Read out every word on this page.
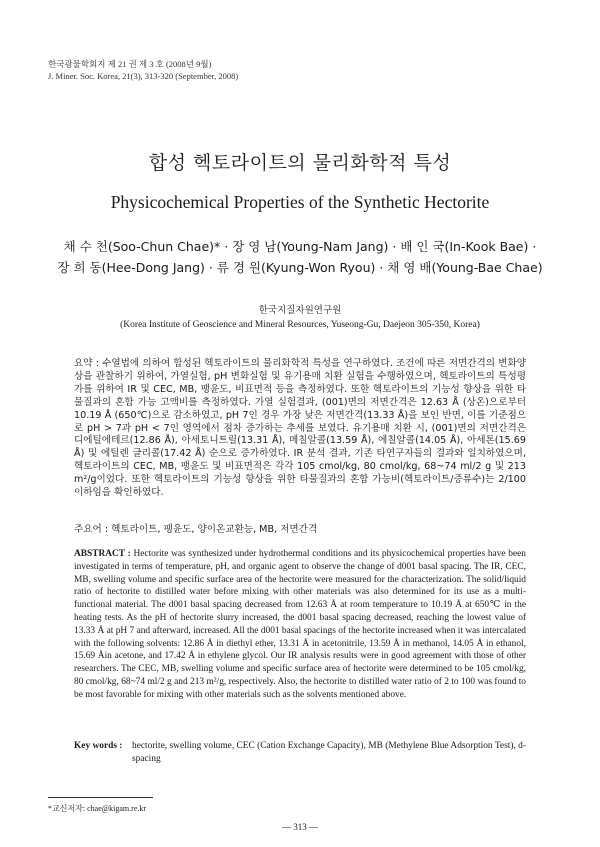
한국광물학회지 제 21 권 제 3 호 (2008년 9월)
J. Miner. Soc. Korea, 21(3), 313-320 (September, 2008)
합성 헥토라이트의 물리화학적 특성
Physicochemical Properties of the Synthetic Hectorite
채 수 천(Soo-Chun Chae)* · 장 영 남(Young-Nam Jang) · 배 인 국(In-Kook Bae) ·
장 희 동(Hee-Dong Jang) · 류 경 원(Kyung-Won Ryou) · 채 영 배(Young-Bae Chae)
한국지질자원연구원
(Korea Institute of Geoscience and Mineral Resources, Yuseong-Gu, Daejeon 305-350, Korea)
요약 : 수열법에 의하여 합성된 헥토라이트의 물리화학적 특성을 연구하였다. 조건에 따른 저면간격의 변화양상을 관찰하기 위하여, 가열실험, pH 변화실험 및 유기용매 치환 실험을 수행하였으며, 헥토라이트의 특성평가를 위하여 IR 및 CEC, MB, 팽윤도, 비표면적 등을 측정하였다. 또한 헥토라이트의 기능성 향상을 위한 타물질과의 혼합 가능 고액비를 측정하였다. 가열 실험결과, (001)면의 저면간격은 12.63 Å (상온)으로부터 10.19 Å (650℃)으로 감소하였고, pH 7인 경우 가장 낮은 저면간격(13.33 Å)을 보인 반면, 이를 기준점으로 pH > 7과 pH < 7인 영역에서 점차 증가하는 추세를 보였다. 유기용매 치환 시, (001)면의 저면간격은 디에틸에테르(12.86 Å), 아세토니트릴(13.31 Å), 메칠알콜(13.59 Å), 에칠알콜(14.05 Å), 아세톤(15.69 Å) 및 에틸렌 글리콜(17.42 Å) 순으로 증가하였다. IR 분석 결과, 기존 타연구자들의 결과와 일치하였으며, 헥토라이트의 CEC, MB, 팽윤도 및 비표면적은 각각 105 cmol/kg, 80 cmol/kg, 68~74 ml/2 g 및 213 m²/g이었다. 또한 헥토라이트의 기능성 향상을 위한 타물질과의 혼합 가능비(헥토라이트/증류수)는 2/100 이하임을 확인하였다.
주요어 : 헥토라이트, 팽윤도, 양이온교환능, MB, 저면간격
ABSTRACT : Hectorite was synthesized under hydrothermal conditions and its physicochemical properties have been investigated in terms of temperature, pH, and organic agent to observe the change of d001 basal spacing. The IR, CEC, MB, swelling volume and specific surface area of the hectorite were measured for the characterization. The solid/liquid ratio of hectorite to distilled water before mixing with other materials was also determined for its use as a multi-functional material. The d001 basal spacing decreased from 12.63 Å at room temperature to 10.19 Å at 650℃ in the heating tests. As the pH of hectorite slurry increased, the d001 basal spacing decreased, reaching the lowest value of 13.33 Å at pH 7 and afterward, increased. All the d001 basal spacings of the hectorite increased when it was intercalated with the following solvents: 12.86 Å in diethyl ether, 13.31 Å in acetonitrile, 13.59 Å in methanol, 14.05 Å in ethanol, 15.69 Åin acetone, and 17.42 Å in ethylene glycol. Our IR analysis results were in good agreement with those of other researchers. The CEC, MB, swelling volume and specific surface area of hectorite were determined to be 105 cmol/kg, 80 cmol/kg, 68~74 ml/2 g and 213 m²/g, respectively. Also, the hectorite to distilled water ratio of 2 to 100 was found to be most favorable for mixing with other materials such as the solvents mentioned above.
Key words :	hectorite, swelling volume, CEC (Cation Exchange Capacity), MB (Methylene Blue Adsorption Test), d-spacing
*교신저자: chae@kigam.re.kr
― 313 ―
